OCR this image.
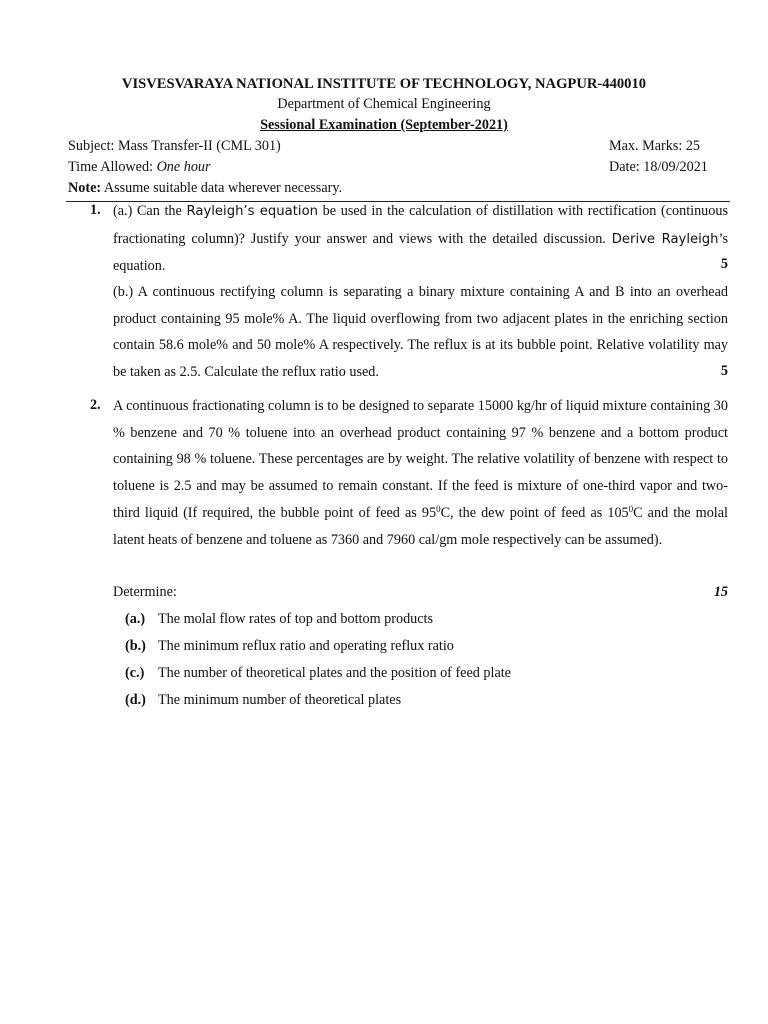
VISVESVARAYA NATIONAL INSTITUTE OF TECHNOLOGY, NAGPUR-440010
Department of Chemical Engineering
Sessional Examination (September-2021)
Subject: Mass Transfer-II (CML 301)	Max. Marks: 25
Time Allowed: One hour	Date: 18/09/2021
Note: Assume suitable data wherever necessary.
1. (a.) Can the Rayleigh’s equation be used in the calculation of distillation with rectification (continuous fractionating column)? Justify your answer and views with the detailed discussion. Derive Rayleigh’s equation.	5
(b.) A continuous rectifying column is separating a binary mixture containing A and B into an overhead product containing 95 mole% A. The liquid overflowing from two adjacent plates in the enriching section contain 58.6 mole% and 50 mole% A respectively. The reflux is at its bubble point. Relative volatility may be taken as 2.5. Calculate the reflux ratio used.	5
2. A continuous fractionating column is to be designed to separate 15000 kg/hr of liquid mixture containing 30 % benzene and 70 % toluene into an overhead product containing 97 % benzene and a bottom product containing 98 % toluene. These percentages are by weight. The relative volatility of benzene with respect to toluene is 2.5 and may be assumed to remain constant. If the feed is mixture of one-third vapor and two-third liquid (If required, the bubble point of feed as $95^0C$, the dew point of feed as $105^0C$ and the molal latent heats of benzene and toluene as 7360 and 7960 cal/gm mole respectively can be assumed).
Determine:	15
(a.) The molal flow rates of top and bottom products
(b.) The minimum reflux ratio and operating reflux ratio
(c.) The number of theoretical plates and the position of feed plate
(d.) The minimum number of theoretical plates
